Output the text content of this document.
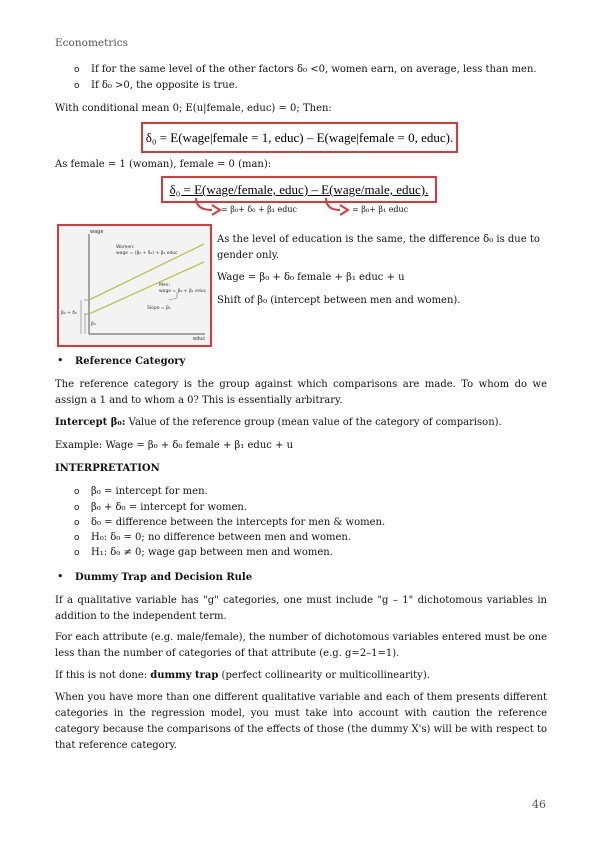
Econometrics
o If for the same level of the other factors δ₀ <0, women earn, on average, less than men.
o If δ₀ >0, the opposite is true.
With conditional mean 0; E(u|female, educ) = 0; Then:
δ₀ = E(wage|female = 1, educ) – E(wage|female = 0, educ).
As female = 1 (woman), female = 0 (man):
δ₀ = E(wage/female, educ) – E(wage/male, educ).
= β₀+ δ₀ + β₁ educ	= β₀+ β₁ educ
wage
educ
Women:
wage = (β₀ + δ₀) + β₁ educ
Men:
wage = β₀ + β₁ educ
Slope = β₁
β₀ + δ₀
β₀
As the level of education is the same, the difference δ₀ is due to gender only.
Wage = β₀ + δ₀ female + β₁ educ + u
Shift of β₀ (intercept between men and women).
• Reference Category
The reference category is the group against which comparisons are made. To whom do we assign a 1 and to whom a 0? This is essentially arbitrary.
Intercept β₀: Value of the reference group (mean value of the category of comparison).
Example: Wage = β₀ + δ₀ female + β₁ educ + u
INTERPRETATION
o β₀ = intercept for men.
o β₀ + δ₀ = intercept for women.
o δ₀ = difference between the intercepts for men & women.
o H₀: δ₀ = 0; no difference between men and women.
o H₁: δ₀ ≠ 0; wage gap between men and women.
• Dummy Trap and Decision Rule
If a qualitative variable has "g" categories, one must include "g – 1" dichotomous variables in addition to the independent term.
For each attribute (e.g. male/female), the number of dichotomous variables entered must be one less than the number of categories of that attribute (e.g. g=2–1=1).
If this is not done: dummy trap (perfect collinearity or multicollinearity).
When you have more than one different qualitative variable and each of them presents different categories in the regression model, you must take into account with caution the reference category because the comparisons of the effects of those (the dummy X's) will be with respect to that reference category.
46
